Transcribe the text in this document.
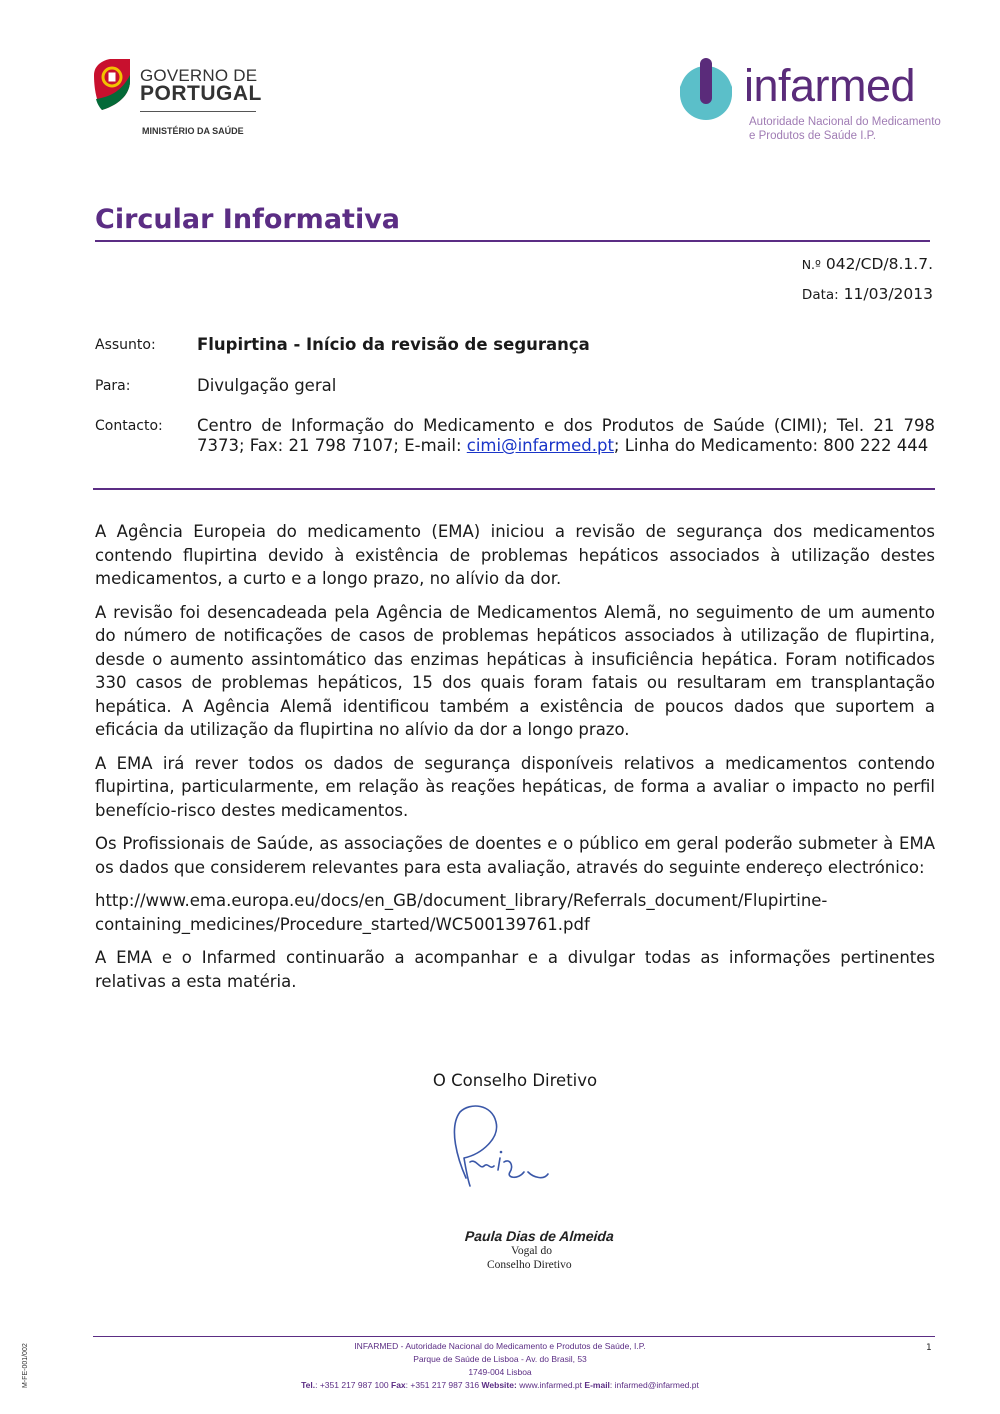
GOVERNO DE
PORTUGAL
MINISTÉRIO DA SAÚDE
infarmed
Autoridade Nacional do Medicamento
e Produtos de Saúde I.P.
Circular Informativa
N.º 042/CD/8.1.7.
Data: 11/03/2013
Assunto:	Flupirtina - Início da revisão de segurança
Para:	Divulgação geral
Contacto: Centro de Informação do Medicamento e dos Produtos de Saúde (CIMI); Tel. 21 798 7373; Fax: 21 798 7107; E-mail: cimi@infarmed.pt; Linha do Medicamento: 800 222 444

A Agência Europeia do medicamento (EMA) iniciou a revisão de segurança dos medicamentos contendo flupirtina devido à existência de problemas hepáticos associados à utilização destes medicamentos, a curto e a longo prazo, no alívio da dor.

A revisão foi desencadeada pela Agência de Medicamentos Alemã, no seguimento de um aumento do número de notificações de casos de problemas hepáticos associados à utilização de flupirtina, desde o aumento assintomático das enzimas hepáticas à insuficiência hepática. Foram notificados 330 casos de problemas hepáticos, 15 dos quais foram fatais ou resultaram em transplantação hepática. A Agência Alemã identificou também a existência de poucos dados que suportem a eficácia da utilização da flupirtina no alívio da dor a longo prazo.

A EMA irá rever todos os dados de segurança disponíveis relativos a medicamentos contendo flupirtina, particularmente, em relação às reações hepáticas, de forma a avaliar o impacto no perfil benefício-risco destes medicamentos.

Os Profissionais de Saúde, as associações de doentes e o público em geral poderão submeter à EMA os dados que considerem relevantes para esta avaliação, através do seguinte endereço electrónico:

http://www.ema.europa.eu/docs/en_GB/document_library/Referrals_document/Flupirtine-
containing_medicines/Procedure_started/WC500139761.pdf

A EMA e o Infarmed continuarão a acompanhar e a divulgar todas as informações pertinentes relativas a esta matéria.

O Conselho Diretivo
Paula Dias de Almeida
Vogal do
Conselho Diretivo
INFARMED - Autoridade Nacional do Medicamento e Produtos de Saúde, I.P.
Parque de Saúde de Lisboa - Av. do Brasil, 53
1749-004 Lisboa
Tel.: +351 217 987 100 Fax: +351 217 987 316 Website: www.infarmed.pt E-mail: infarmed@infarmed.pt
1
M-FE-001/002
